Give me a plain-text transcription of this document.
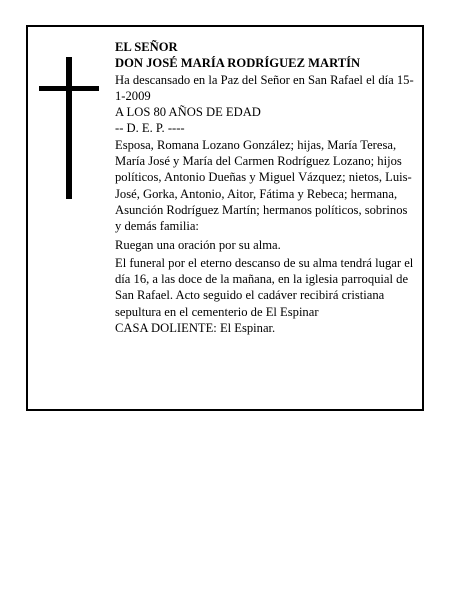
EL SEÑOR

DON JOSÉ MARÍA RODRÍGUEZ MARTÍN

Ha descansado en la Paz del Señor en San Rafael el día 15-1-2009

A LOS 80 AÑOS DE EDAD

-- D. E. P. ----

Esposa, Romana Lozano González; hijas, María Teresa, María José y María del Carmen Rodríguez Lozano; hijos políticos, Antonio Dueñas y Miguel Vázquez; nietos, Luis-José, Gorka, Antonio, Aitor, Fátima y Rebeca; hermana, Asunción Rodríguez Martín; hermanos políticos, sobrinos y demás familia:

Ruegan una oración por su alma.

El funeral por el eterno descanso de su alma tendrá lugar el día 16, a las doce de la mañana, en la iglesia parroquial de San Rafael. Acto seguido el cadáver recibirá cristiana sepultura en el cementerio de El Espinar

CASA DOLIENTE: El Espinar.
